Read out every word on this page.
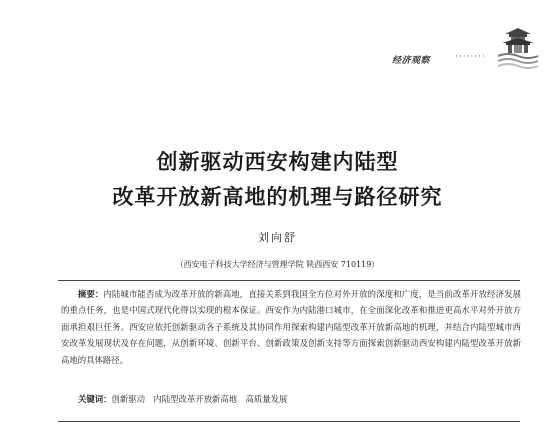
经济观察	········
创新驱动西安构建内陆型
改革开放新高地的机理与路径研究
刘向舒
（西安电子科技大学经济与管理学院 陕西西安 710119）
摘要：内陆城市能否成为改革开放的新高地，直接关系到我国全方位对外开放的深度和广度，是当前改革开放经济发展的重点任务，也是中国式现代化得以实现的根本保证。西安作为内陆港口城市，在全面深化改革和推进更高水平对外开放方面承担艰巨任务。西安应依托创新驱动各子系统及其协同作用探索构建内陆型改革开放新高地的机理，并结合内陆型城市西安改革发展现状及存在问题，从创新环境、创新平台、创新政策及创新支持等方面探索创新驱动西安构建内陆型改革开放新高地的具体路径。
关键词：创新驱动　内陆型改革开放新高地　高质量发展
